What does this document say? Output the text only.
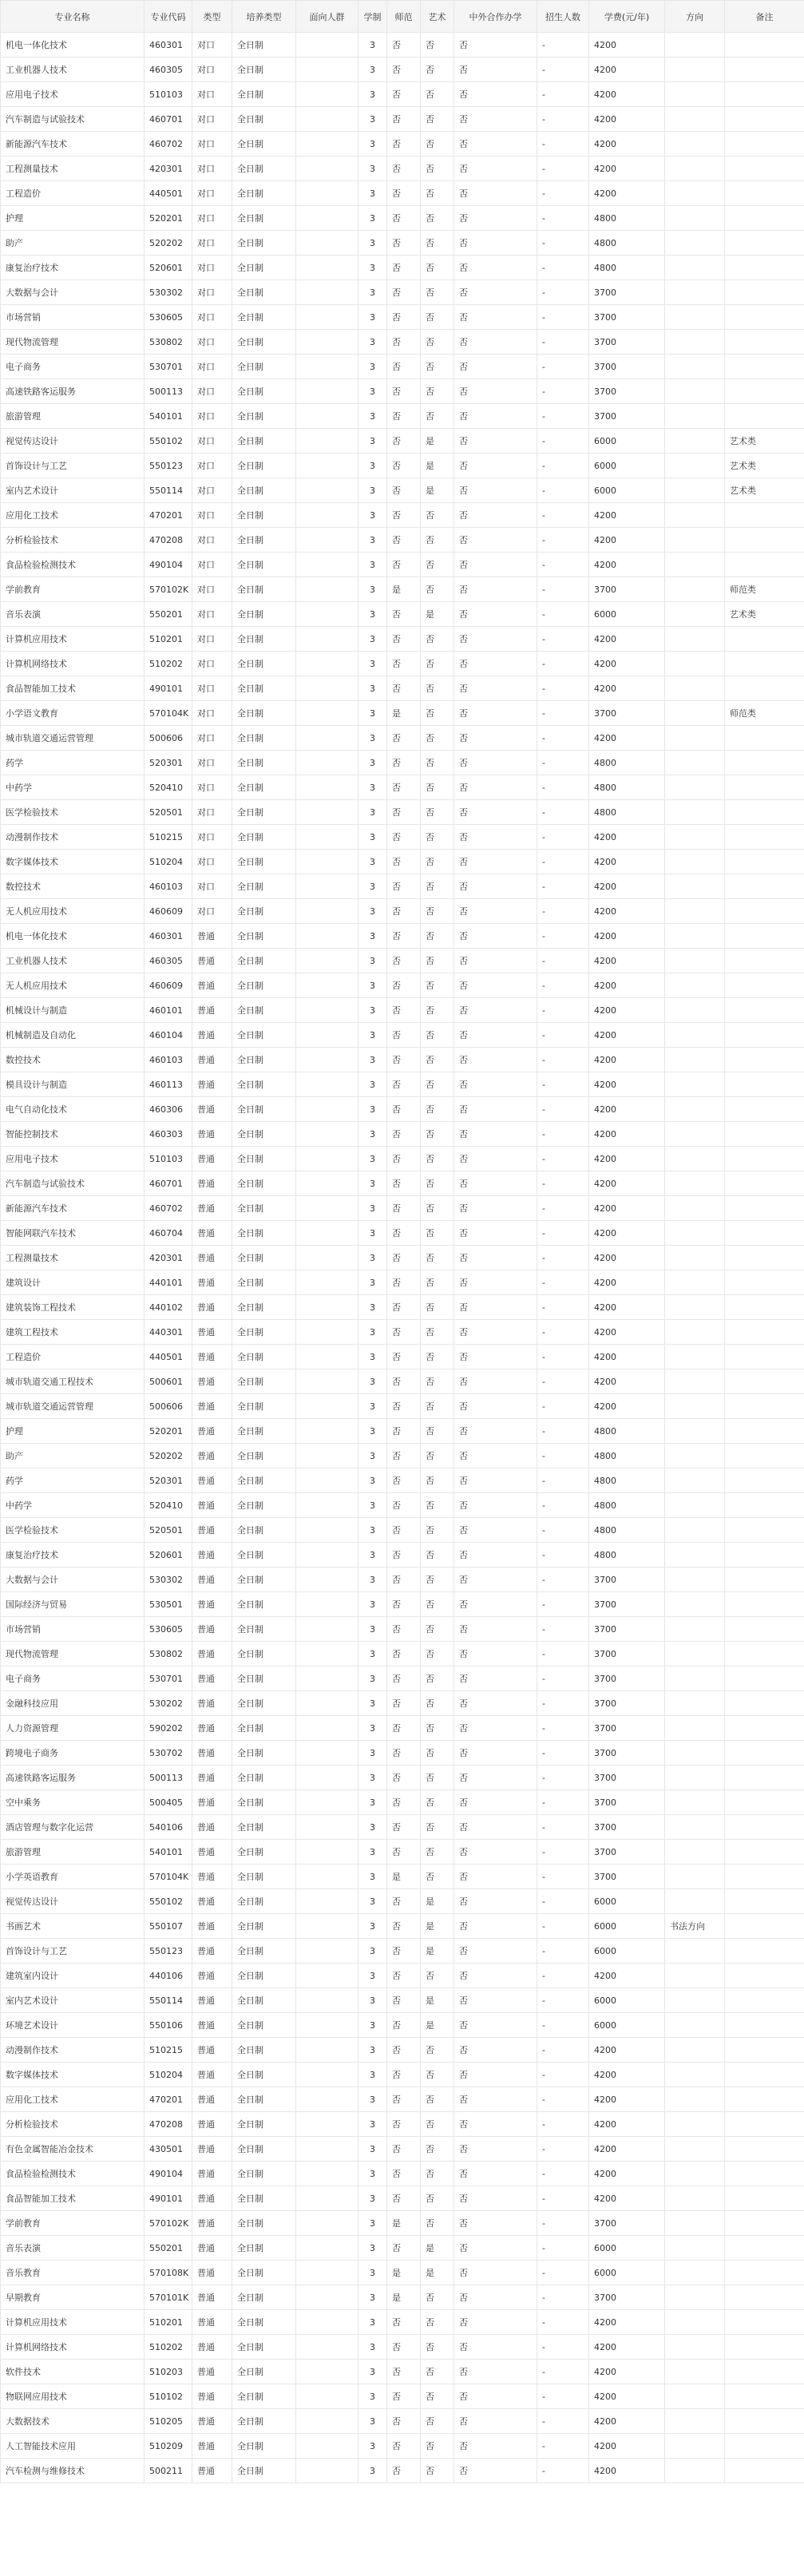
专业名称	专业代码	类型	培养类型	面向人群	学制	师范	艺术	中外合作办学	招生人数	学费(元/年)	方向	备注
机电一体化技术	460301	对口	全日制		3	否	否	否	-	4200		
工业机器人技术	460305	对口	全日制		3	否	否	否	-	4200		
应用电子技术	510103	对口	全日制		3	否	否	否	-	4200		
汽车制造与试验技术	460701	对口	全日制		3	否	否	否	-	4200		
新能源汽车技术	460702	对口	全日制		3	否	否	否	-	4200		
工程测量技术	420301	对口	全日制		3	否	否	否	-	4200		
工程造价	440501	对口	全日制		3	否	否	否	-	4200		
护理	520201	对口	全日制		3	否	否	否	-	4800		
助产	520202	对口	全日制		3	否	否	否	-	4800		
康复治疗技术	520601	对口	全日制		3	否	否	否	-	4800		
大数据与会计	530302	对口	全日制		3	否	否	否	-	3700		
市场营销	530605	对口	全日制		3	否	否	否	-	3700		
现代物流管理	530802	对口	全日制		3	否	否	否	-	3700		
电子商务	530701	对口	全日制		3	否	否	否	-	3700		
高速铁路客运服务	500113	对口	全日制		3	否	否	否	-	3700		
旅游管理	540101	对口	全日制		3	否	否	否	-	3700		
视觉传达设计	550102	对口	全日制		3	否	是	否	-	6000		艺术类
首饰设计与工艺	550123	对口	全日制		3	否	是	否	-	6000		艺术类
室内艺术设计	550114	对口	全日制		3	否	是	否	-	6000		艺术类
应用化工技术	470201	对口	全日制		3	否	否	否	-	4200		
分析检验技术	470208	对口	全日制		3	否	否	否	-	4200		
食品检验检测技术	490104	对口	全日制		3	否	否	否	-	4200		
学前教育	570102K	对口	全日制		3	是	否	否	-	3700		师范类
音乐表演	550201	对口	全日制		3	否	是	否	-	6000		艺术类
计算机应用技术	510201	对口	全日制		3	否	否	否	-	4200		
计算机网络技术	510202	对口	全日制		3	否	否	否	-	4200		
食品智能加工技术	490101	对口	全日制		3	否	否	否	-	4200		
小学语文教育	570104K	对口	全日制		3	是	否	否	-	3700		师范类
城市轨道交通运营管理	500606	对口	全日制		3	否	否	否	-	4200		
药学	520301	对口	全日制		3	否	否	否	-	4800		
中药学	520410	对口	全日制		3	否	否	否	-	4800		
医学检验技术	520501	对口	全日制		3	否	否	否	-	4800		
动漫制作技术	510215	对口	全日制		3	否	否	否	-	4200		
数字媒体技术	510204	对口	全日制		3	否	否	否	-	4200		
数控技术	460103	对口	全日制		3	否	否	否	-	4200		
无人机应用技术	460609	对口	全日制		3	否	否	否	-	4200		
机电一体化技术	460301	普通	全日制		3	否	否	否	-	4200		
工业机器人技术	460305	普通	全日制		3	否	否	否	-	4200		
无人机应用技术	460609	普通	全日制		3	否	否	否	-	4200		
机械设计与制造	460101	普通	全日制		3	否	否	否	-	4200		
机械制造及自动化	460104	普通	全日制		3	否	否	否	-	4200		
数控技术	460103	普通	全日制		3	否	否	否	-	4200		
模具设计与制造	460113	普通	全日制		3	否	否	否	-	4200		
电气自动化技术	460306	普通	全日制		3	否	否	否	-	4200		
智能控制技术	460303	普通	全日制		3	否	否	否	-	4200		
应用电子技术	510103	普通	全日制		3	否	否	否	-	4200		
汽车制造与试验技术	460701	普通	全日制		3	否	否	否	-	4200		
新能源汽车技术	460702	普通	全日制		3	否	否	否	-	4200		
智能网联汽车技术	460704	普通	全日制		3	否	否	否	-	4200		
工程测量技术	420301	普通	全日制		3	否	否	否	-	4200		
建筑设计	440101	普通	全日制		3	否	否	否	-	4200		
建筑装饰工程技术	440102	普通	全日制		3	否	否	否	-	4200		
建筑工程技术	440301	普通	全日制		3	否	否	否	-	4200		
工程造价	440501	普通	全日制		3	否	否	否	-	4200		
城市轨道交通工程技术	500601	普通	全日制		3	否	否	否	-	4200		
城市轨道交通运营管理	500606	普通	全日制		3	否	否	否	-	4200		
护理	520201	普通	全日制		3	否	否	否	-	4800		
助产	520202	普通	全日制		3	否	否	否	-	4800		
药学	520301	普通	全日制		3	否	否	否	-	4800		
中药学	520410	普通	全日制		3	否	否	否	-	4800		
医学检验技术	520501	普通	全日制		3	否	否	否	-	4800		
康复治疗技术	520601	普通	全日制		3	否	否	否	-	4800		
大数据与会计	530302	普通	全日制		3	否	否	否	-	3700		
国际经济与贸易	530501	普通	全日制		3	否	否	否	-	3700		
市场营销	530605	普通	全日制		3	否	否	否	-	3700		
现代物流管理	530802	普通	全日制		3	否	否	否	-	3700		
电子商务	530701	普通	全日制		3	否	否	否	-	3700		
金融科技应用	530202	普通	全日制		3	否	否	否	-	3700		
人力资源管理	590202	普通	全日制		3	否	否	否	-	3700		
跨境电子商务	530702	普通	全日制		3	否	否	否	-	3700		
高速铁路客运服务	500113	普通	全日制		3	否	否	否	-	3700		
空中乘务	500405	普通	全日制		3	否	否	否	-	3700		
酒店管理与数字化运营	540106	普通	全日制		3	否	否	否	-	3700		
旅游管理	540101	普通	全日制		3	否	否	否	-	3700		
小学英语教育	570104K	普通	全日制		3	是	否	否	-	3700		
视觉传达设计	550102	普通	全日制		3	否	是	否	-	6000		
书画艺术	550107	普通	全日制		3	否	是	否	-	6000	书法方向	
首饰设计与工艺	550123	普通	全日制		3	否	是	否	-	6000		
建筑室内设计	440106	普通	全日制		3	否	否	否	-	4200		
室内艺术设计	550114	普通	全日制		3	否	是	否	-	6000		
环境艺术设计	550106	普通	全日制		3	否	是	否	-	6000		
动漫制作技术	510215	普通	全日制		3	否	否	否	-	4200		
数字媒体技术	510204	普通	全日制		3	否	否	否	-	4200		
应用化工技术	470201	普通	全日制		3	否	否	否	-	4200		
分析检验技术	470208	普通	全日制		3	否	否	否	-	4200		
有色金属智能冶金技术	430501	普通	全日制		3	否	否	否	-	4200		
食品检验检测技术	490104	普通	全日制		3	否	否	否	-	4200		
食品智能加工技术	490101	普通	全日制		3	否	否	否	-	4200		
学前教育	570102K	普通	全日制		3	是	否	否	-	3700		
音乐表演	550201	普通	全日制		3	否	是	否	-	6000		
音乐教育	570108K	普通	全日制		3	是	是	否	-	6000		
早期教育	570101K	普通	全日制		3	是	否	否	-	3700		
计算机应用技术	510201	普通	全日制		3	否	否	否	-	4200		
计算机网络技术	510202	普通	全日制		3	否	否	否	-	4200		
软件技术	510203	普通	全日制		3	否	否	否	-	4200		
物联网应用技术	510102	普通	全日制		3	否	否	否	-	4200		
大数据技术	510205	普通	全日制		3	否	否	否	-	4200		
人工智能技术应用	510209	普通	全日制		3	否	否	否	-	4200		
汽车检测与维修技术	500211	普通	全日制		3	否	否	否	-	4200		
